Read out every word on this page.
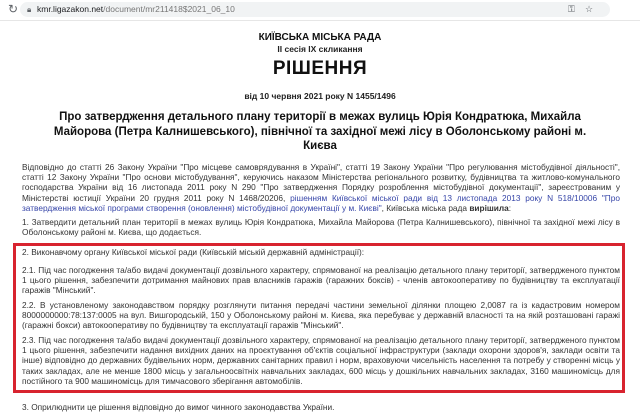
↻ 🔒︎ kmr.ligazakon.net/document/mr211418$2021_06_10	⚿ ☆
КИЇВСЬКА МІСЬКА РАДА
ІІ сесія IX скликання
РІШЕННЯ
від 10 червня 2021 року N 1455/1496
Про затвердження детального плану території в межах вулиць Юрія Кондратюка, Михайла Майорова (Петра Калнишевського), північної та західної межі лісу в Оболонському районі м. Києва
Відповідно до статті 26 Закону України "Про місцеве самоврядування в Україні", статті 19 Закону України "Про регулювання містобудівної діяльності", статті 12 Закону України "Про основи містобудування", керуючись наказом Міністерства регіонального розвитку, будівництва та житлово-комунального господарства України від 16 листопада 2011 року N 290 "Про затвердження Порядку розроблення містобудівної документації", зареєстрованим у Міністерстві юстиції України 20 грудня 2011 року N 1468/20206, рішенням Київської міської ради від 13 листопада 2013 року N 518/10006 "Про затвердження міської програми створення (оновлення) містобудівної документації у м. Києві", Київська міська рада вирішила:
1. Затвердити детальний план території в межах вулиць Юрія Кондратюка, Михайла Майорова (Петра Калнишевського), північної та західної межі лісу в Оболонському районі м. Києва, що додається.
2. Виконавчому органу Київської міської ради (Київській міській державній адміністрації):
2.1. Під час погодження та/або видачі документації дозвільного характеру, спрямованої на реалізацію детального плану території, затвердженого пунктом 1 цього рішення, забезпечити дотримання майнових прав власників гаражів (гаражних боксів) - членів автокооперативу по будівництву та експлуатації гаражів "Мінський".
2.2. В установленому законодавством порядку розглянути питання передачі частини земельної ділянки площею 2,0087 га із кадастровим номером 8000000000:78:137:0005 на вул. Вишгородській, 150 у Оболонському районі м. Києва, яка перебуває у державній власності та на якій розташовані гаражі (гаражні бокси) автокооперативу по будівництву та експлуатації гаражів "Мінський".
2.3. Під час погодження та/або видачі документації дозвільного характеру, спрямованої на реалізацію детального плану території, затвердженого пунктом 1 цього рішення, забезпечити надання вихідних даних на проєктування об'єктів соціальної інфраструктури (заклади охорони здоров'я, заклади освіти та інше) відповідно до державних будівельних норм, державних санітарних правил і норм, враховуючи чисельність населення та потребу у створенні місць у таких закладах, але не менше 1800 місць у загальноосвітніх навчальних закладах, 600 місць у дошкільних навчальних закладах, 3160 машиномісць для постійного та 900 машиномісць для тимчасового зберігання автомобілів.
3. Оприлюднити це рішення відповідно до вимог чинного законодавства України.
